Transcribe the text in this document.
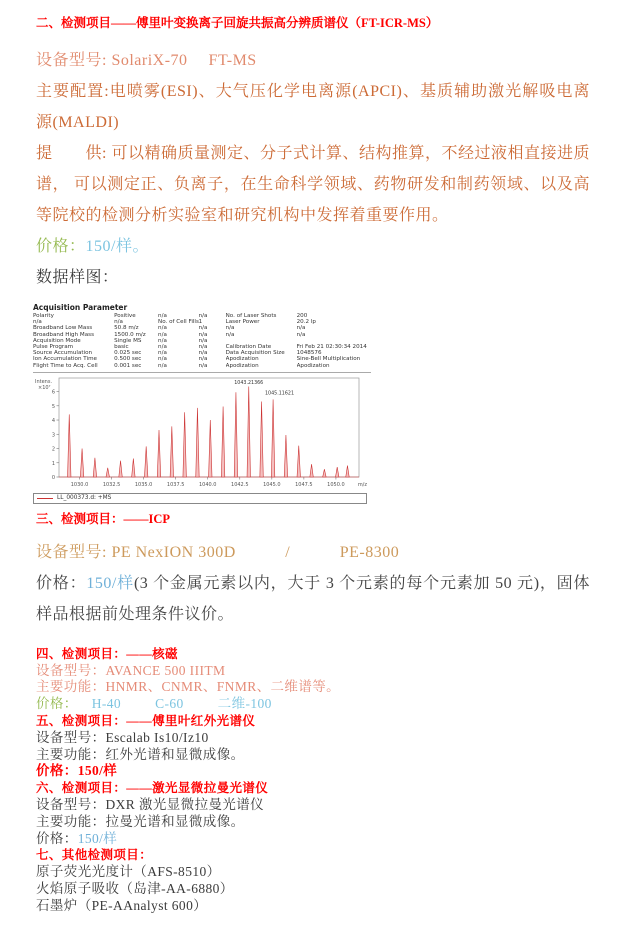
二、检测项目——傅里叶变换离子回旋共振高分辨质谱仪（FT-ICR-MS）

设备型号: SolariX-70　 FT-MS

主要配置:电喷雾(ESI)、大气压化学电离源(APCI)、基质辅助激光解吸电离源(MALDI)

提　　供: 可以精确质量测定、分子式计算、结构推算，不经过液相直接进质谱， 可以测定正、负离子，在生命科学领域、药物研发和制药领域、以及高等院校的检测分析实验室和研究机构中发挥着重要作用。

价格：150/样。

数据样图：

Acquisition Parameter
Polarity	Positive	n/a	n/a	No. of Laser Shots	200
n/a	n/a	No. of Cell Fills 1	Laser Power	20.2 lp
Broadband Low Mass	50.8 m/z	n/a	n/a	n/a	n/a
Broadband High Mass	1500.0 m/z	n/a	n/a	n/a	n/a
Acquisition Mode	Single MS	n/a	n/a
Pulse Program	basic	n/a	n/a	Calibration Date	Fri Feb 21 02:30:34 2014
Source Accumulation	0.025 sec	n/a	n/a	Data Acquisition Size	1048576
Ion Accumulation Time	0.500 sec	n/a	n/a	Apodization	Sine-Bell Multiplication
Flight Time to Acq. Cell	0.001 sec	n/a	n/a	Apodization	Apodization
Intens.
×10⁷
0
1
2
3
4
5
6
1030.0	1032.5	1035.0	1037.5	1040.0	1042.5	1045.0	1047.5	1050.0	m/z
1043.21366
1045.11621
LL_000373.d: +MS
三、检测项目：——ICP

设备型号: PE NexION 300D　　　/　　　PE-8300

价格：150/样(3 个金属元素以内，大于 3 个元素的每个元素加 50 元)，固体样品根据前处理条件议价。

四、检测项目：——核磁
设备型号：AVANCE 500 IIITM
主要功能：HNMR、CNMR、FNMR、二维谱等。
价格： H-40	C-60	二维-100
五、检测项目：——傅里叶红外光谱仪
设备型号：Escalab Is10/Iz10
主要功能：红外光谱和显微成像。
价格：150/样
六、检测项目：——激光显微拉曼光谱仪
设备型号：DXR 激光显微拉曼光谱仪
主要功能：拉曼光谱和显微成像。
价格：150/样
七、其他检测项目：
原子荧光光度计（AFS-8510）
火焰原子吸收（岛津-AA-6880）
石墨炉（PE-AAnalyst 600）
